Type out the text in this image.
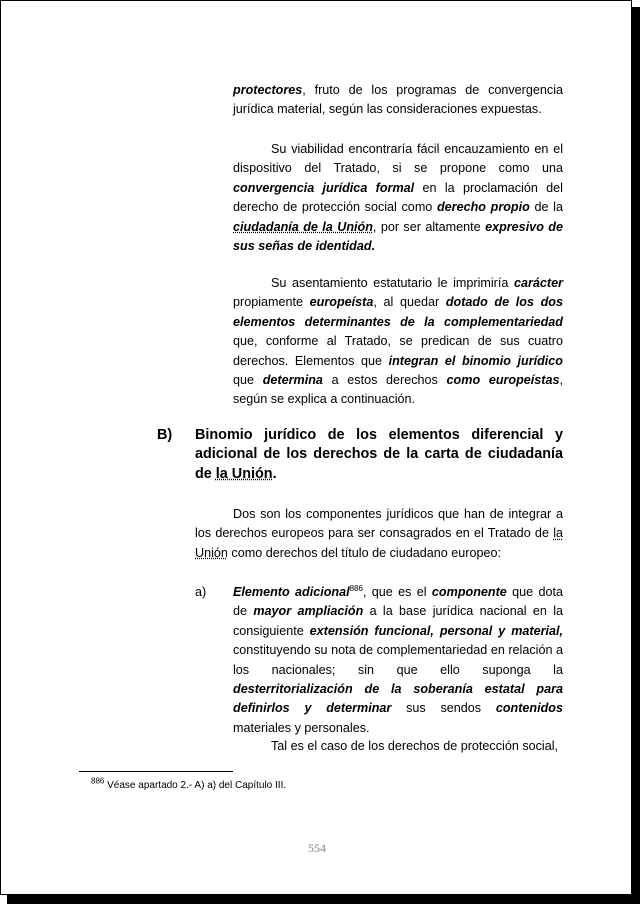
protectores, fruto de los programas de convergencia jurídica material, según las consideraciones expuestas.

Su viabilidad encontraría fácil encauzamiento en el dispositivo del Tratado, si se propone como una convergencia jurídica formal en la proclamación del derecho de protección social como derecho propio de la ciudadanía de la Unión, por ser altamente expresivo de sus señas de identidad.

Su asentamiento estatutario le imprimiría carácter propiamente europeísta, al quedar dotado de los dos elementos determinantes de la complementariedad que, conforme al Tratado, se predican de sus cuatro derechos. Elementos que integran el binomio jurídico que determina a estos derechos como europeístas, según se explica a continuación.

B) Binomio jurídico de los elementos diferencial y adicional de los derechos de la carta de ciudadanía de la Unión.

Dos son los componentes jurídicos que han de integrar a los derechos europeos para ser consagrados en el Tratado de la Unión como derechos del título de ciudadano europeo:

a) Elemento adicional$^{886}$, que es el componente que dota de mayor ampliación a la base jurídica nacional en la consiguiente extensión funcional, personal y material, constituyendo su nota de complementariedad en relación a los nacionales; sin que ello suponga la desterritorialización de la soberanía estatal para definirlos y determinar sus sendos contenidos materiales y personales.

Tal es el caso de los derechos de protección social,

$^{886}$ Véase apartado 2.- A) a) del Capítulo III.
554
